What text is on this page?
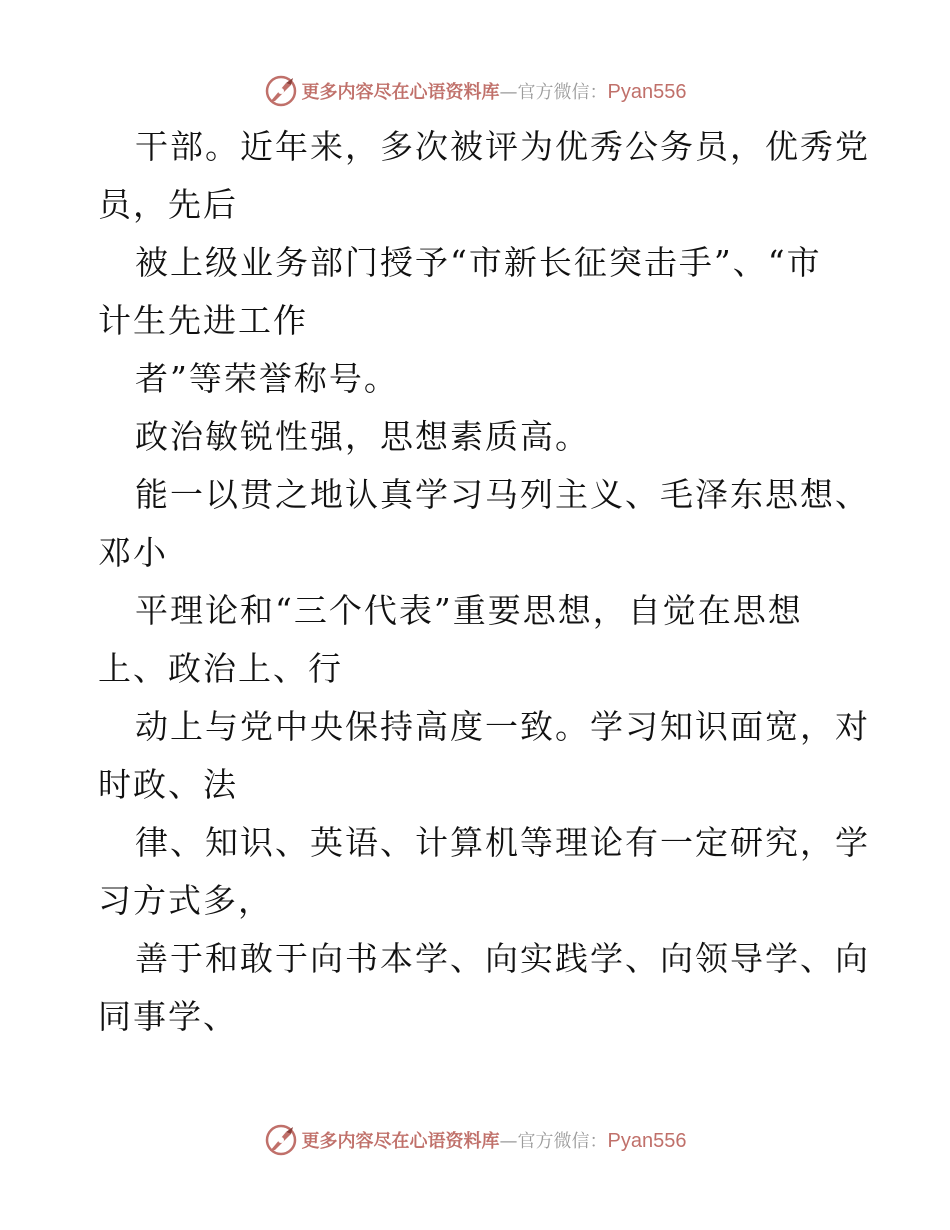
更多内容尽在心语资料库 — 官方微信： Pyan556
干部。近年来，多次被评为优秀公务员，优秀党
员，先后
被上级业务部门授予“市新长征突击手”、“市
计生先进工作
者”等荣誉称号。
政治敏锐性强，思想素质高。
能一以贯之地认真学习马列主义、毛泽东思想、
邓小
平理论和“三个代表”重要思想，自觉在思想
上、政治上、行
动上与党中央保持高度一致。学习知识面宽，对
时政、法
律、知识、英语、计算机等理论有一定研究，学
习方式多，
善于和敢于向书本学、向实践学、向领导学、向
同事学、
更多内容尽在心语资料库 — 官方微信： Pyan556
